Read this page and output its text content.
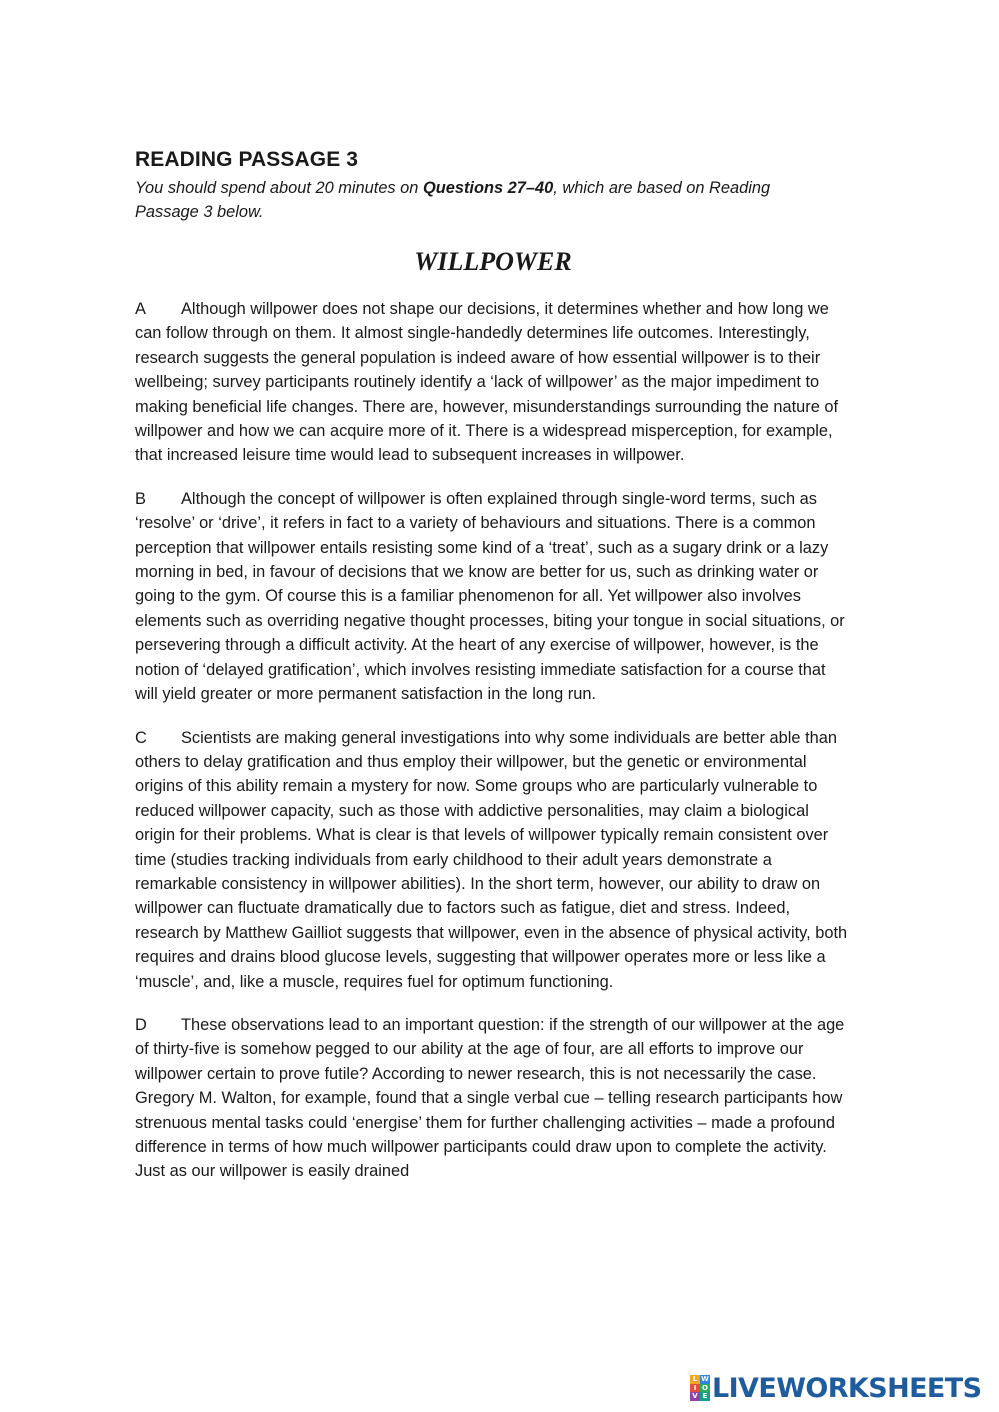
READING PASSAGE 3

You should spend about 20 minutes on Questions 27–40, which are based on Reading Passage 3 below.

WILLPOWER

A Although willpower does not shape our decisions, it determines whether and how long we can follow through on them. It almost single-handedly determines life outcomes. Interestingly, research suggests the general population is indeed aware of how essential willpower is to their wellbeing; survey participants routinely identify a ‘lack of willpower’ as the major impediment to making beneficial life changes. There are, however, misunderstandings surrounding the nature of willpower and how we can acquire more of it. There is a widespread misperception, for example, that increased leisure time would lead to subsequent increases in willpower.

B Although the concept of willpower is often explained through single-word terms, such as ‘resolve’ or ‘drive’, it refers in fact to a variety of behaviours and situations. There is a common perception that willpower entails resisting some kind of a ‘treat’, such as a sugary drink or a lazy morning in bed, in favour of decisions that we know are better for us, such as drinking water or going to the gym. Of course this is a familiar phenomenon for all. Yet willpower also involves elements such as overriding negative thought processes, biting your tongue in social situations, or persevering through a difficult activity. At the heart of any exercise of willpower, however, is the notion of ‘delayed gratification’, which involves resisting immediate satisfaction for a course that will yield greater or more permanent satisfaction in the long run.

C Scientists are making general investigations into why some individuals are better able than others to delay gratification and thus employ their willpower, but the genetic or environmental origins of this ability remain a mystery for now. Some groups who are particularly vulnerable to reduced willpower capacity, such as those with addictive personalities, may claim a biological origin for their problems. What is clear is that levels of willpower typically remain consistent over time (studies tracking individuals from early childhood to their adult years demonstrate a remarkable consistency in willpower abilities). In the short term, however, our ability to draw on willpower can fluctuate dramatically due to factors such as fatigue, diet and stress. Indeed, research by Matthew Gailliot suggests that willpower, even in the absence of physical activity, both requires and drains blood glucose levels, suggesting that willpower operates more or less like a ‘muscle’, and, like a muscle, requires fuel for optimum functioning.

D These observations lead to an important question: if the strength of our willpower at the age of thirty-five is somehow pegged to our ability at the age of four, are all efforts to improve our willpower certain to prove futile? According to newer research, this is not necessarily the case. Gregory M. Walton, for example, found that a single verbal cue – telling research participants how strenuous mental tasks could ‘energise’ them for further challenging activities – made a profound difference in terms of how much willpower participants could draw upon to complete the activity. Just as our willpower is easily drained

L W
I O
V E LIVEWORKSHEETS
